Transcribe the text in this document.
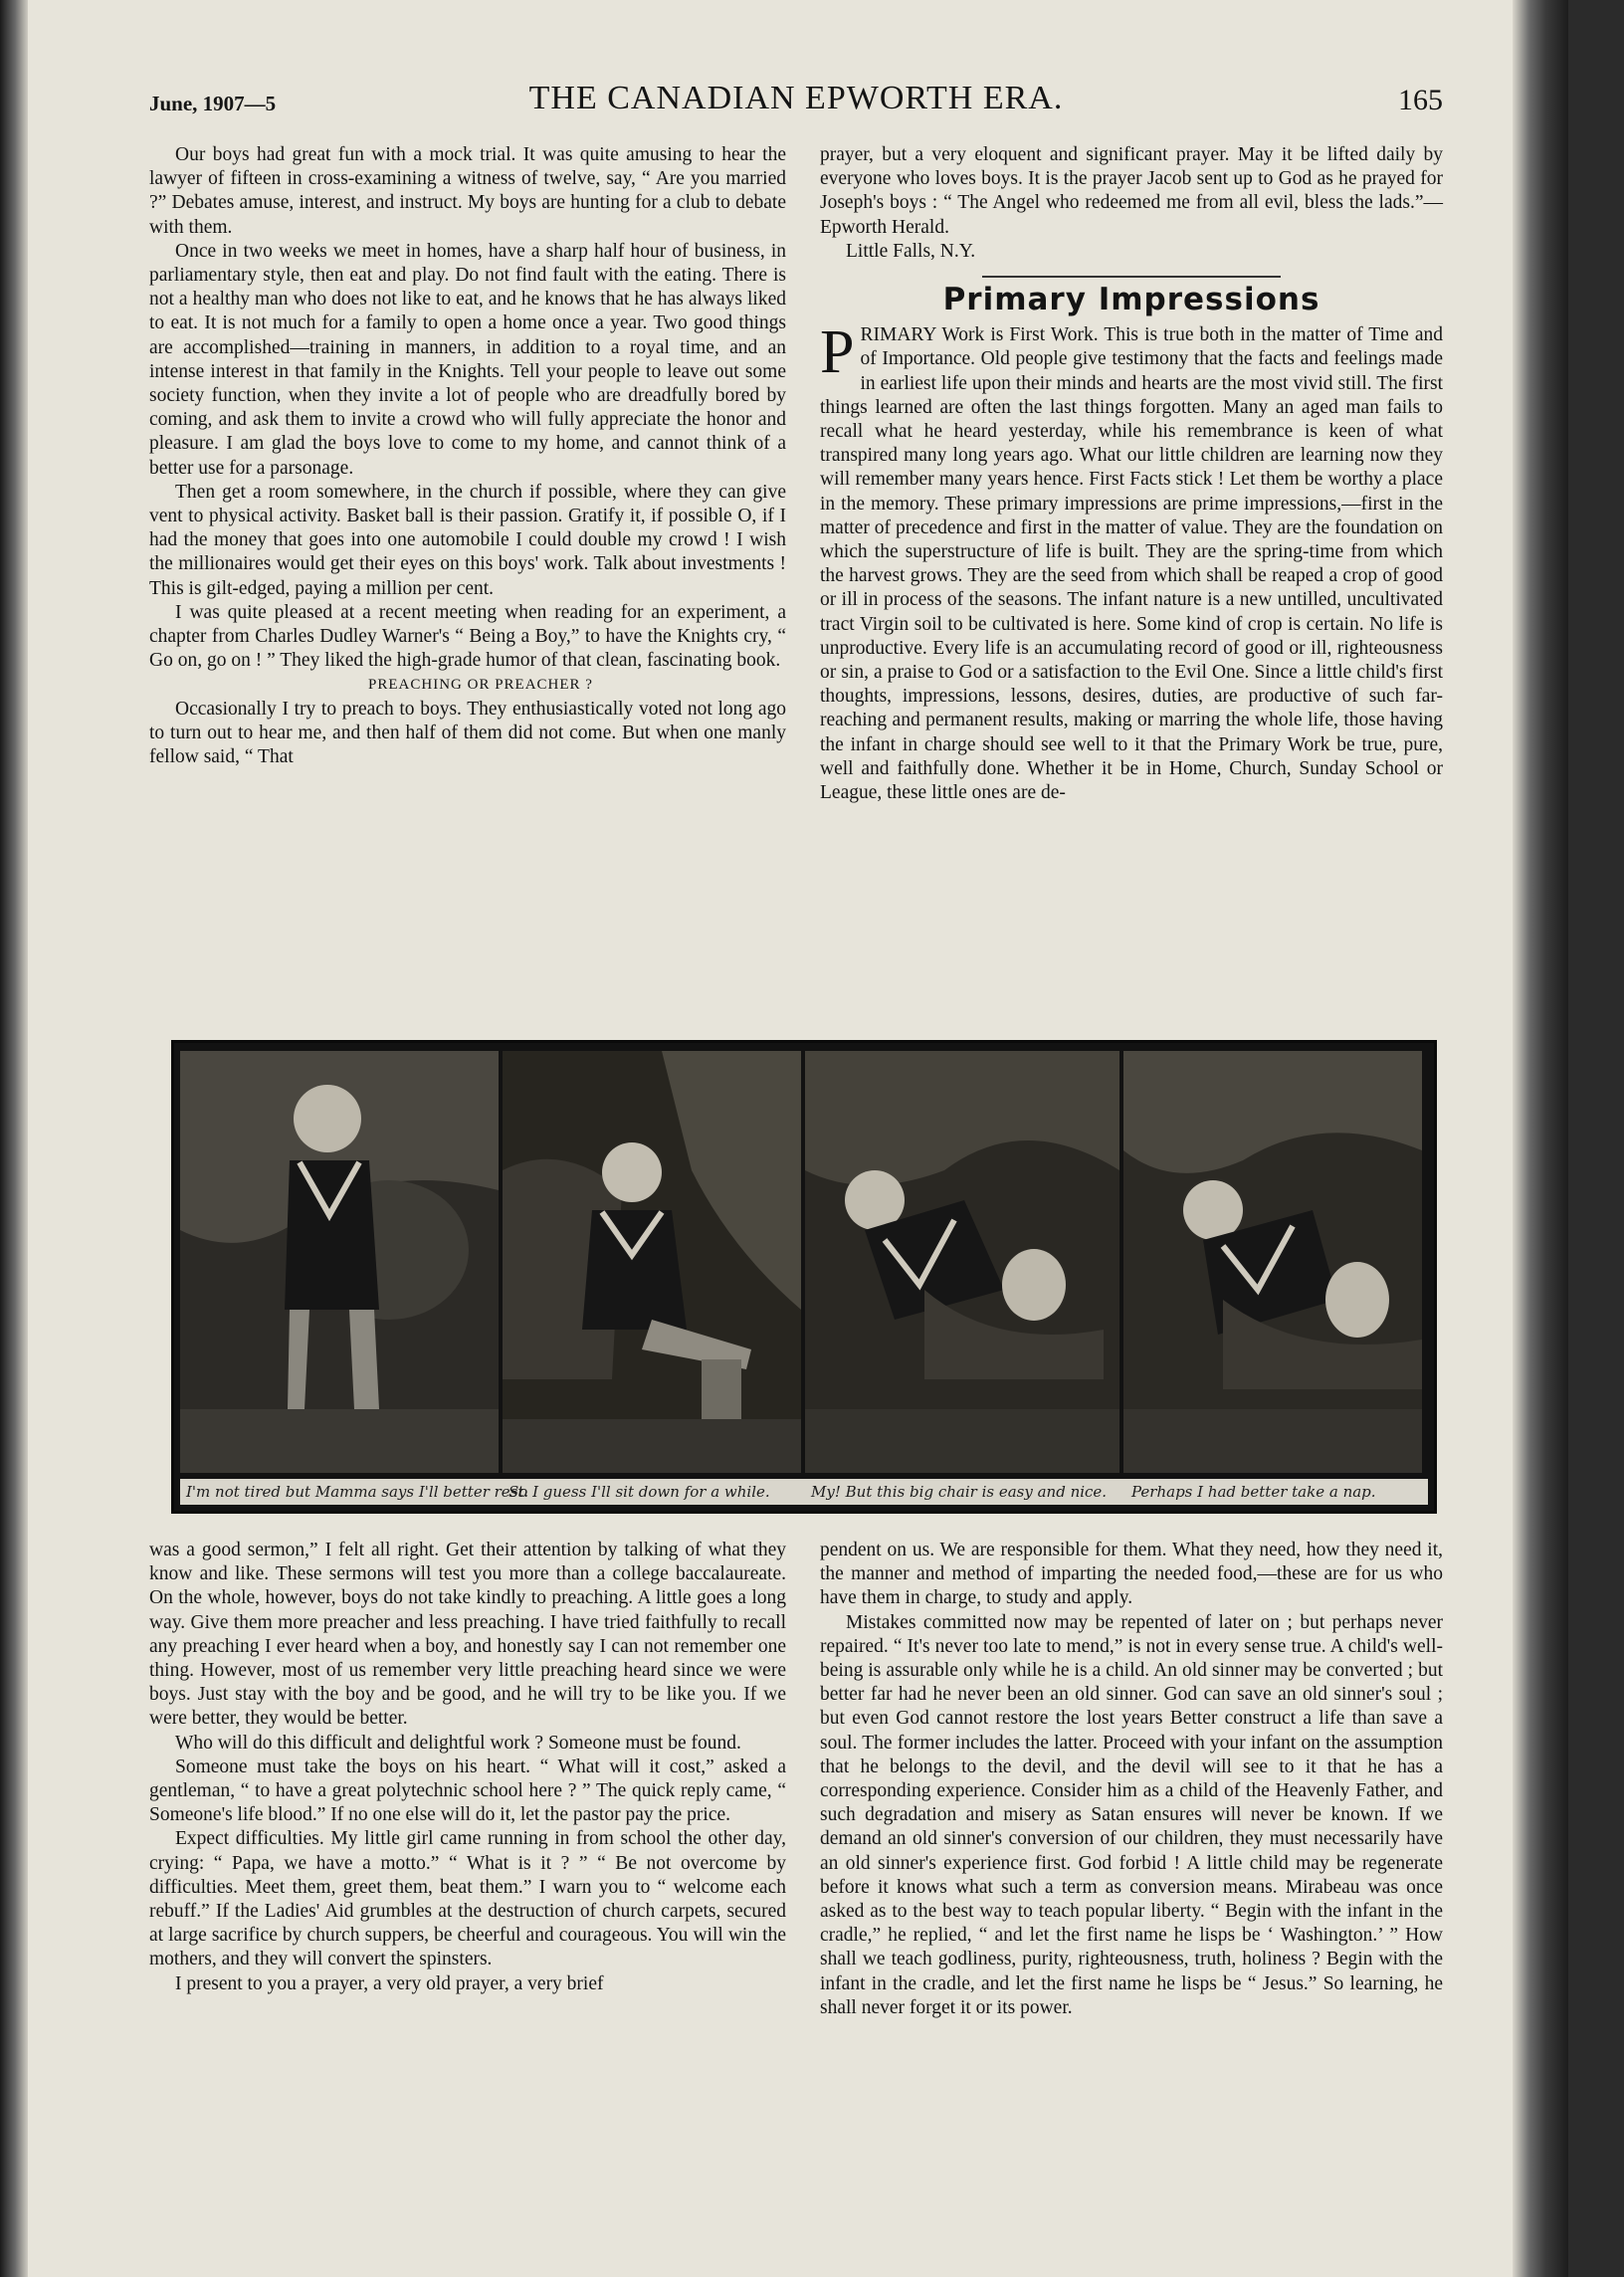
June, 1907—5	THE CANADIAN EPWORTH ERA.	165

Our boys had great fun with a mock trial. It was quite amusing to hear the lawyer of fifteen in cross-examining a witness of twelve, say, “ Are you married ?” Debates amuse, interest, and instruct. My boys are hunting for a club to debate with them.

Once in two weeks we meet in homes, have a sharp half hour of business, in parliamentary style, then eat and play. Do not find fault with the eating. There is not a healthy man who does not like to eat, and he knows that he has always liked to eat. It is not much for a family to open a home once a year. Two good things are accomplished—training in manners, in addition to a royal time, and an intense interest in that family in the Knights. Tell your people to leave out some society function, when they invite a lot of people who are dreadfully bored by coming, and ask them to invite a crowd who will fully appreciate the honor and pleasure. I am glad the boys love to come to my home, and cannot think of a better use for a parsonage.

Then get a room somewhere, in the church if possible, where they can give vent to physical activity. Basket ball is their passion. Gratify it, if possible O, if I had the money that goes into one automobile I could double my crowd ! I wish the millionaires would get their eyes on this boys' work. Talk about investments ! This is gilt-edged, paying a million per cent.

I was quite pleased at a recent meeting when reading for an experiment, a chapter from Charles Dudley Warner's “ Being a Boy,” to have the Knights cry, “ Go on, go on ! ” They liked the high-grade humor of that clean, fascinating book.

PREACHING OR PREACHER ?

Occasionally I try to preach to boys. They enthusiastically voted not long ago to turn out to hear me, and then half of them did not come. But when one manly fellow said, “ That

prayer, but a very eloquent and significant prayer. May it be lifted daily by everyone who loves boys. It is the prayer Jacob sent up to God as he prayed for Joseph's boys : “ The Angel who redeemed me from all evil, bless the lads.”—Epworth Herald.

Little Falls, N.Y.

Primary Impressions

PRIMARY Work is First Work. This is true both in the matter of Time and of Importance. Old people give testimony that the facts and feelings made in earliest life upon their minds and hearts are the most vivid still. The first things learned are often the last things forgotten. Many an aged man fails to recall what he heard yesterday, while his remembrance is keen of what transpired many long years ago. What our little children are learning now they will remember many years hence. First Facts stick ! Let them be worthy a place in the memory. These primary impressions are prime impressions,—first in the matter of precedence and first in the matter of value. They are the foundation on which the superstructure of life is built. They are the spring-time from which the harvest grows. They are the seed from which shall be reaped a crop of good or ill in process of the seasons. The infant nature is a new untilled, uncultivated tract Virgin soil to be cultivated is here. Some kind of crop is certain. No life is unproductive. Every life is an accumulating record of good or ill, righteousness or sin, a praise to God or a satisfaction to the Evil One. Since a little child's first thoughts, impressions, lessons, desires, duties, are productive of such far-reaching and permanent results, making or marring the whole life, those having the infant in charge should see well to it that the Primary Work be true, pure, well and faithfully done. Whether it be in Home, Church, Sunday School or League, these little ones are de-

I'm not tired but Mamma says I'll better rest.
So I guess I'll sit down for a while.	My! But this big chair is easy and nice. Perhaps I had better take a nap.

was a good sermon,” I felt all right. Get their attention by talking of what they know and like. These sermons will test you more than a college baccalaureate. On the whole, however, boys do not take kindly to preaching. A little goes a long way. Give them more preacher and less preaching. I have tried faithfully to recall any preaching I ever heard when a boy, and honestly say I can not remember one thing. However, most of us remember very little preaching heard since we were boys. Just stay with the boy and be good, and he will try to be like you. If we were better, they would be better.

Who will do this difficult and delightful work ? Someone must be found.

Someone must take the boys on his heart. “ What will it cost,” asked a gentleman, “ to have a great polytechnic school here ? ” The quick reply came, “ Someone's life blood.” If no one else will do it, let the pastor pay the price.

Expect difficulties. My little girl came running in from school the other day, crying: “ Papa, we have a motto.” “ What is it ? ” “ Be not overcome by difficulties. Meet them, greet them, beat them.” I warn you to “ welcome each rebuff.” If the Ladies' Aid grumbles at the destruction of church carpets, secured at large sacrifice by church suppers, be cheerful and courageous. You will win the mothers, and they will convert the spinsters.

I present to you a prayer, a very old prayer, a very brief

pendent on us. We are responsible for them. What they need, how they need it, the manner and method of imparting the needed food,—these are for us who have them in charge, to study and apply.

Mistakes committed now may be repented of later on ; but perhaps never repaired. “ It's never too late to mend,” is not in every sense true. A child's well-being is assurable only while he is a child. An old sinner may be converted ; but better far had he never been an old sinner. God can save an old sinner's soul ; but even God cannot restore the lost years Better construct a life than save a soul. The former includes the latter. Proceed with your infant on the assumption that he belongs to the devil, and the devil will see to it that he has a corresponding experience. Consider him as a child of the Heavenly Father, and such degradation and misery as Satan ensures will never be known. If we demand an old sinner's conversion of our children, they must necessarily have an old sinner's experience first. God forbid ! A little child may be regenerate before it knows what such a term as conversion means. Mirabeau was once asked as to the best way to teach popular liberty. “ Begin with the infant in the cradle,” he replied, “ and let the first name he lisps be ‘ Washington.’ ” How shall we teach godliness, purity, righteousness, truth, holiness ? Begin with the infant in the cradle, and let the first name he lisps be “ Jesus.” So learning, he shall never forget it or its power.
